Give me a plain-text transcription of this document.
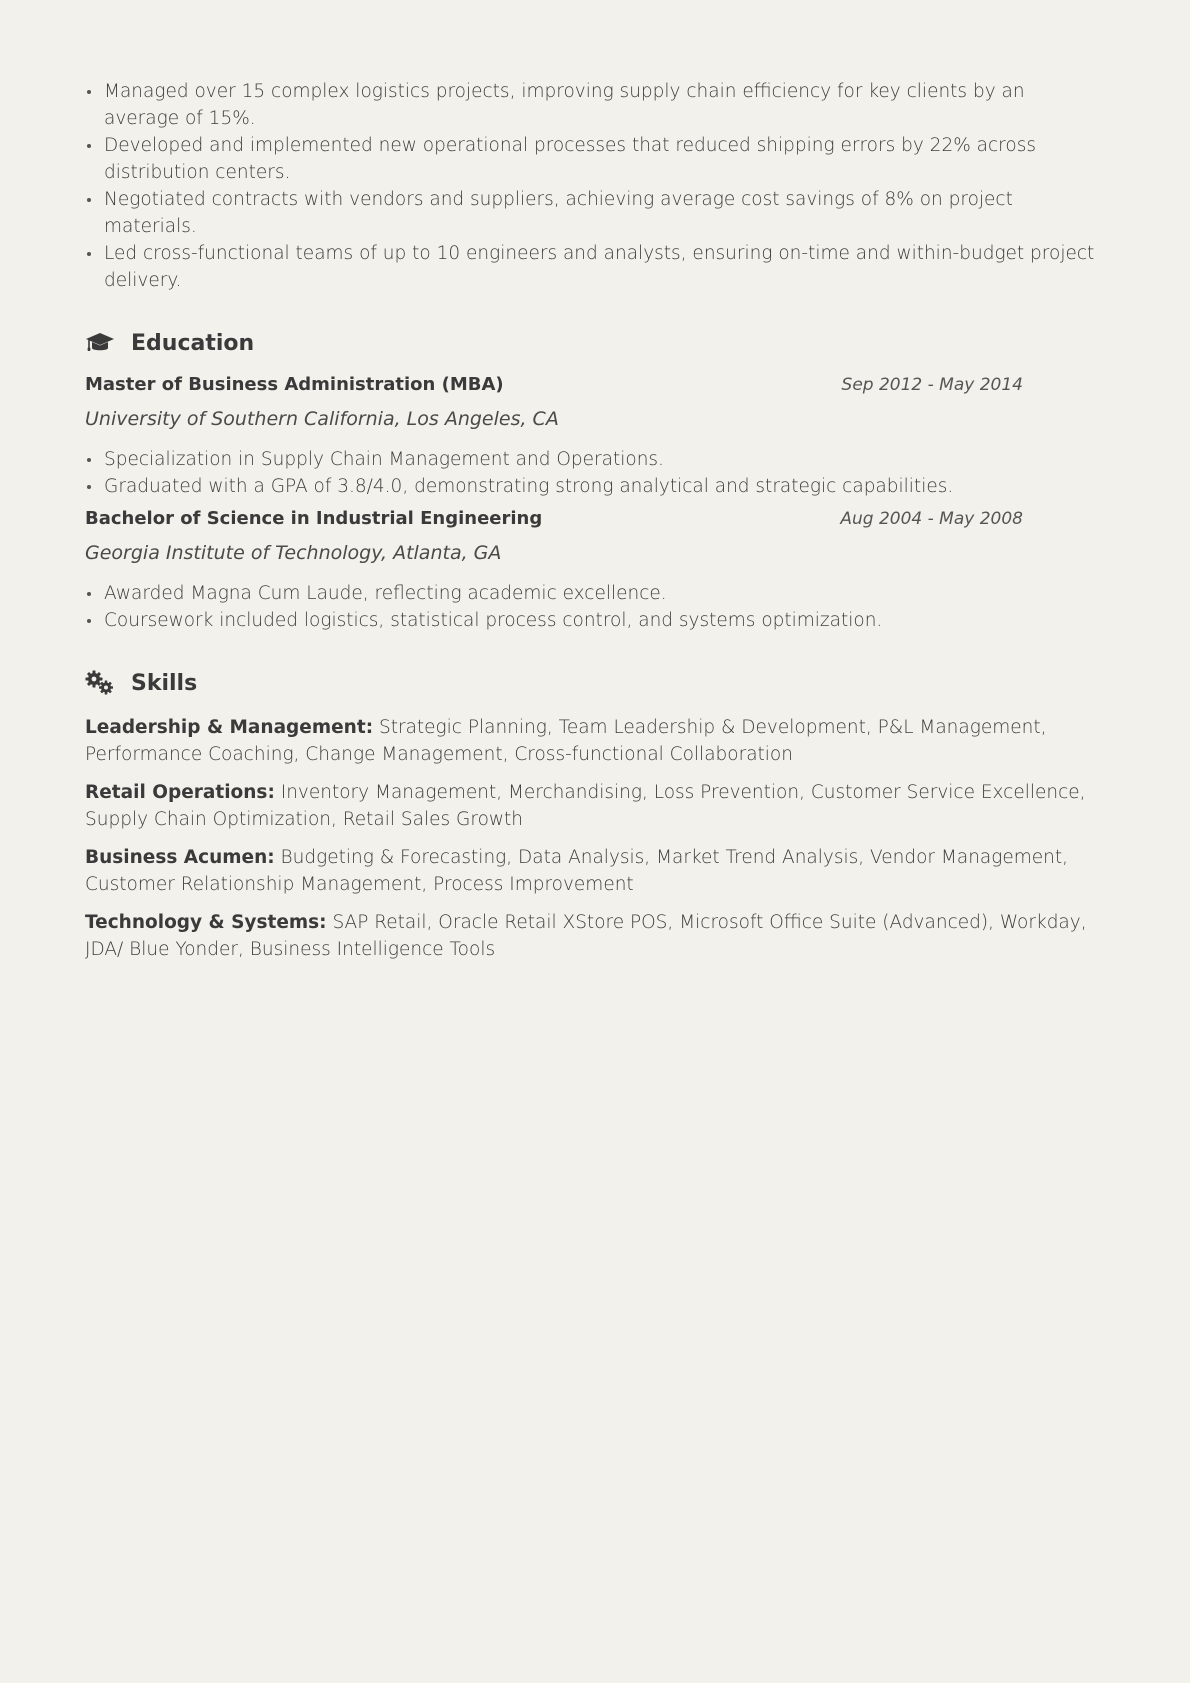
Managed over 15 complex logistics projects, improving supply chain efficiency for key clients by an average of 15%.
Developed and implemented new operational processes that reduced shipping errors by 22% across distribution centers.
Negotiated contracts with vendors and suppliers, achieving average cost savings of 8% on project materials.
Led cross-functional teams of up to 10 engineers and analysts, ensuring on-time and within-budget project delivery.
Education
Master of Business Administration (MBA)	Sep 2012 - May 2014
University of Southern California, Los Angeles, CA
Specialization in Supply Chain Management and Operations.
Graduated with a GPA of 3.8/4.0, demonstrating strong analytical and strategic capabilities.
Bachelor of Science in Industrial Engineering	Aug 2004 - May 2008
Georgia Institute of Technology, Atlanta, GA
Awarded Magna Cum Laude, reflecting academic excellence.
Coursework included logistics, statistical process control, and systems optimization.
Skills
Leadership & Management: Strategic Planning, Team Leadership & Development, P&L Management, Performance Coaching, Change Management, Cross-functional Collaboration
Retail Operations: Inventory Management, Merchandising, Loss Prevention, Customer Service Excellence, Supply Chain Optimization, Retail Sales Growth
Business Acumen: Budgeting & Forecasting, Data Analysis, Market Trend Analysis, Vendor Management, Customer Relationship Management, Process Improvement
Technology & Systems: SAP Retail, Oracle Retail XStore POS, Microsoft Office Suite (Advanced), Workday, JDA/ Blue Yonder, Business Intelligence Tools
